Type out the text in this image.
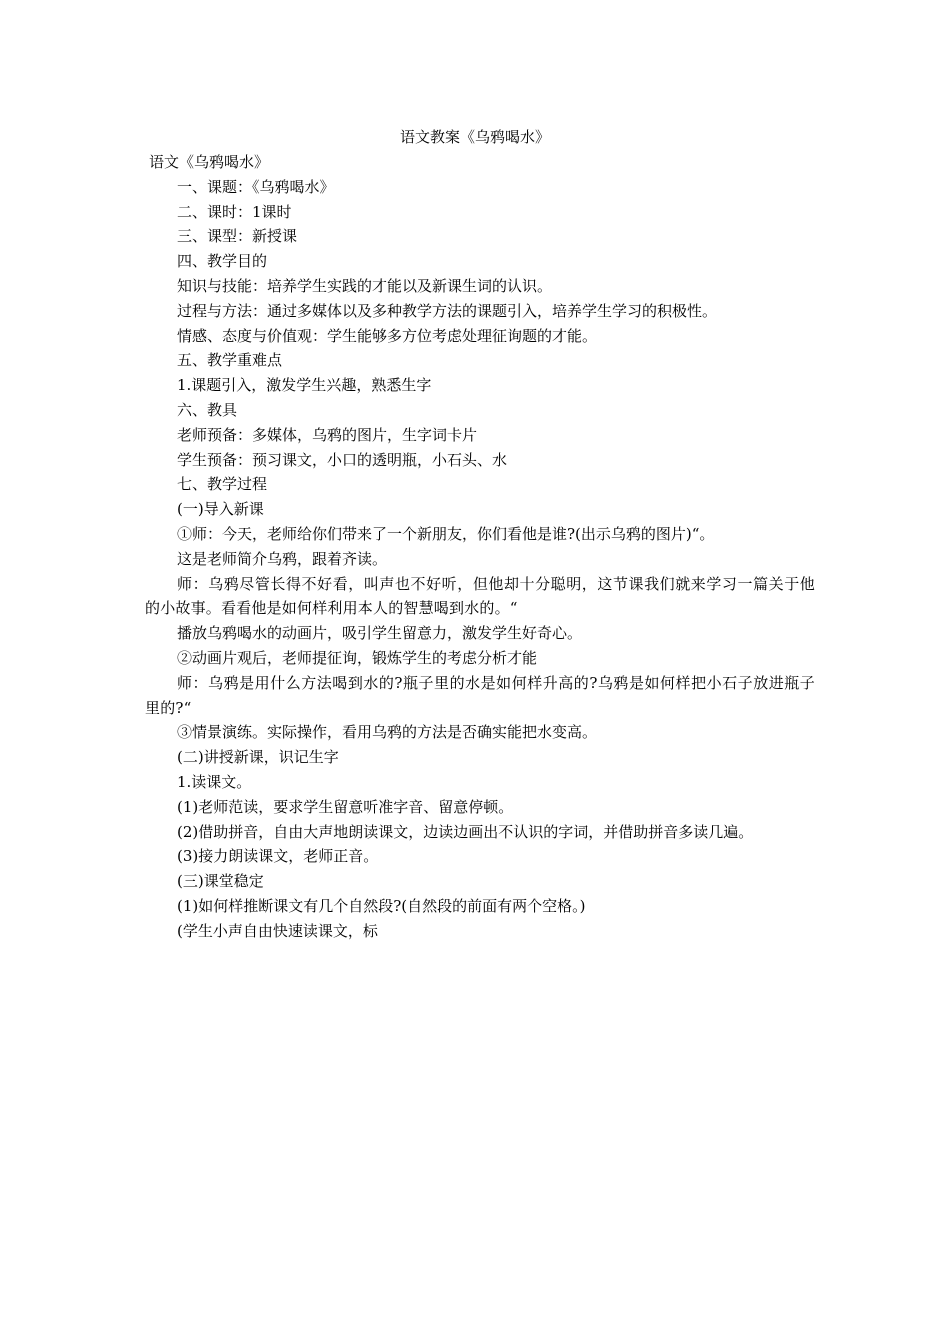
语文教案《乌鸦喝水》

语文《乌鸦喝水》

一、课题：《乌鸦喝水》

二、课时：1课时

三、课型：新授课

四、教学目的

知识与技能：培养学生实践的才能以及新课生词的认识。

过程与方法：通过多媒体以及多种教学方法的课题引入，培养学生学习的积极性。

情感、态度与价值观：学生能够多方位考虑处理征询题的才能。

五、教学重难点

1.课题引入，激发学生兴趣，熟悉生字

六、教具

老师预备：多媒体，乌鸦的图片，生字词卡片

学生预备：预习课文，小口的透明瓶，小石头、水

七、教学过程

(一)导入新课

①师：今天，老师给你们带来了一个新朋友，你们看他是谁?(出示乌鸦的图片)“。

这是老师简介乌鸦，跟着齐读。

师：乌鸦尽管长得不好看，叫声也不好听，但他却十分聪明，这节课我们就来学习一篇关于他的小故事。看看他是如何样利用本人的智慧喝到水的。“

播放乌鸦喝水的动画片，吸引学生留意力，激发学生好奇心。

②动画片观后，老师提征询，锻炼学生的考虑分析才能

师：乌鸦是用什么方法喝到水的?瓶子里的水是如何样升高的?乌鸦是如何样把小石子放进瓶子里的?“

③情景演练。实际操作，看用乌鸦的方法是否确实能把水变高。

(二)讲授新课，识记生字

1.读课文。

(1)老师范读，要求学生留意听准字音、留意停顿。

(2)借助拼音，自由大声地朗读课文，边读边画出不认识的字词，并借助拼音多读几遍。

(3)接力朗读课文，老师正音。

(三)课堂稳定

(1)如何样推断课文有几个自然段?(自然段的前面有两个空格。)

(学生小声自由快速读课文，标
